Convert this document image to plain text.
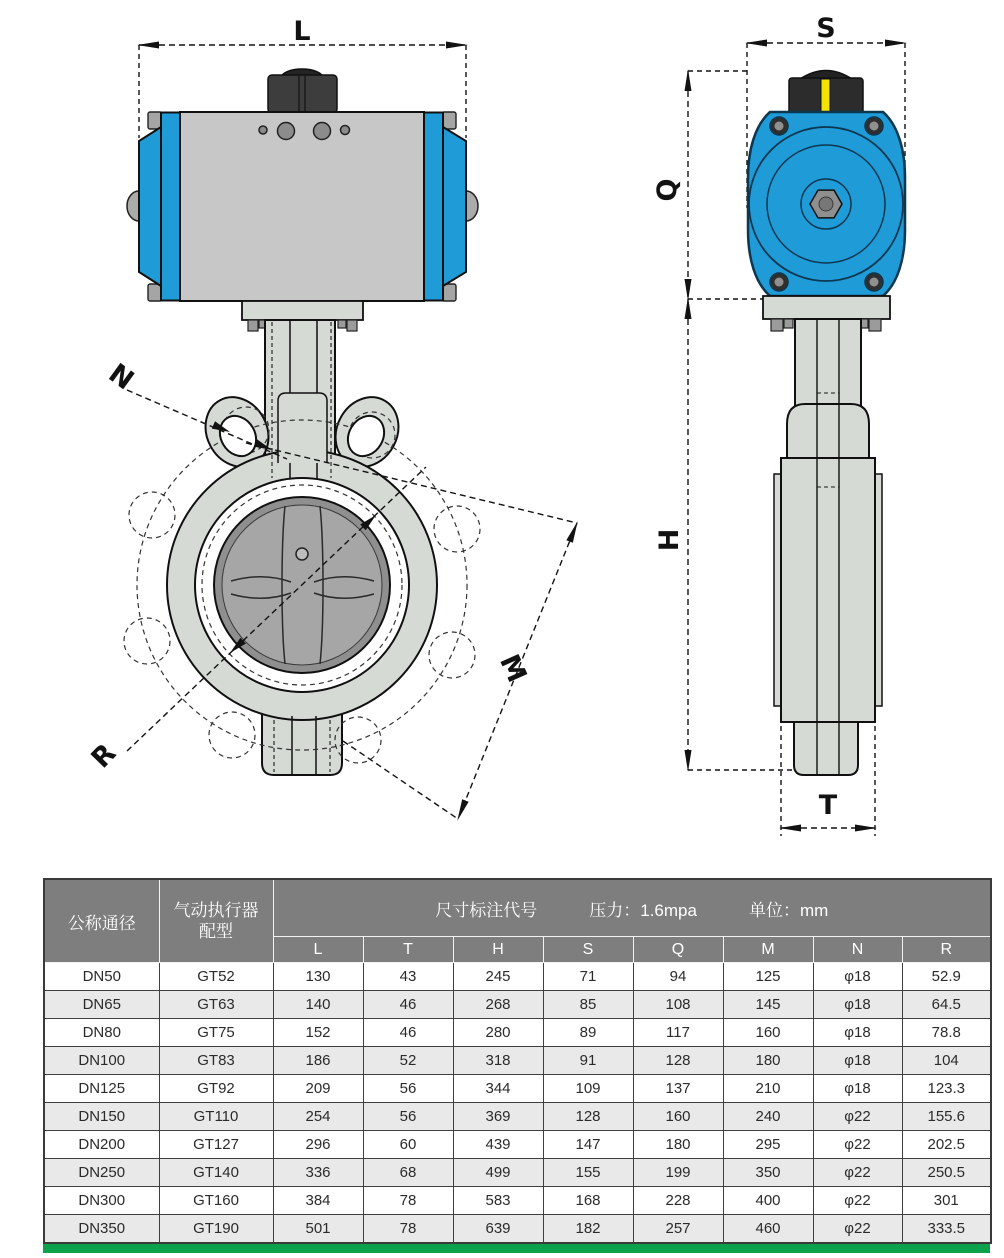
L
N
M
R
S
Q
H
T
公称通径	
气动执行器
配型

尺寸标注代号	压力：1.6mpa	单位：mm

		L	T	H	S	Q	M	N	R
DN50	GT52	130	43	245	71	94	125	φ18	52.9
DN65	GT63	140	46	268	85	108	145	φ18	64.5
DN80	GT75	152	46	280	89	117	160	φ18	78.8
DN100	GT83	186	52	318	91	128	180	φ18	104
DN125	GT92	209	56	344	109	137	210	φ18	123.3
DN150	GT110	254	56	369	128	160	240	φ22	155.6
DN200	GT127	296	60	439	147	180	295	φ22	202.5
DN250	GT140	336	68	499	155	199	350	φ22	250.5
DN300	GT160	384	78	583	168	228	400	φ22	301
DN350	GT190	501	78	639	182	257	460	φ22	333.5
